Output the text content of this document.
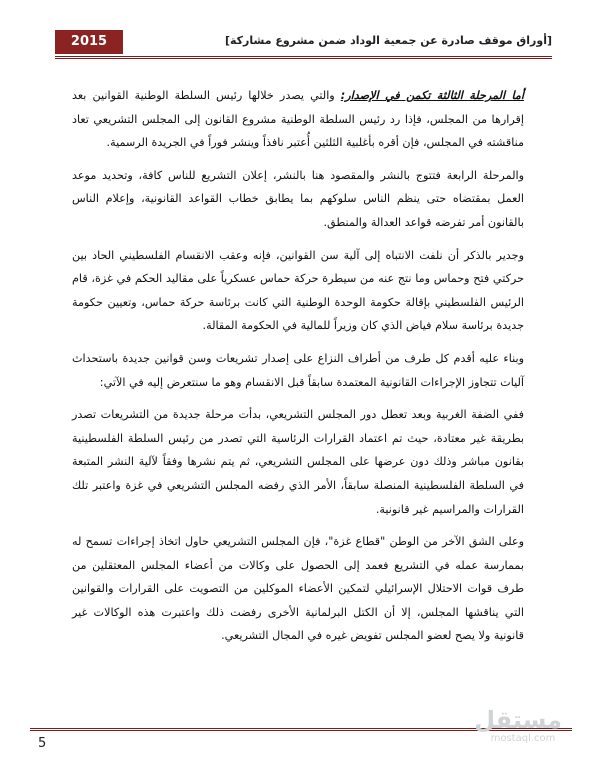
2015	[أوراق موقف صادرة عن جمعية الوداد ضمن مشروع مشاركة]

أما المرحلة الثالثة تكمن في الإصدار: والتي يصدر خلالها رئيس السلطة الوطنية القوانين بعد إقرارها من المجلس، فإذا رد رئيس السلطة الوطنية مشروع القانون إلى المجلس التشريعي تعاد مناقشته في المجلس، فإن أقره بأغلبية الثلثين أُعتبر نافذاً وينشر فوراً في الجريدة الرسمية.

والمرحلة الرابعة فتتوج بالنشر والمقصود هنا بالنشر، إعلان التشريع للناس كافة، وتحديد موعد العمل بمقتضاه حتى ينظم الناس سلوكهم بما يطابق خطاب القواعد القانونية، وإعلام الناس بالقانون أمر تفرضه قواعد العدالة والمنطق.

وجدير بالذكر أن نلفت الانتباه إلى آلية سن القوانين، فإنه وعقب الانقسام الفلسطيني الحاد بين حركتي فتح وحماس وما نتج عنه من سيطرة حركة حماس عسكرياً على مقاليد الحكم في غزة، قام الرئيس الفلسطيني بإقالة حكومة الوحدة الوطنية التي كانت برئاسة حركة حماس، وتعيين حكومة جديدة برئاسة سلام فياض الذي كان وزيراً للمالية في الحكومة المقالة.

وبناء عليه أقدم كل طرف من أطراف النزاع على إصدار تشريعات وسن قوانين جديدة باستحداث آليات تتجاوز الإجراءات القانونية المعتمدة سابقاً قبل الانقسام وهو ما سنتعرض إليه في الآتي:

ففي الضفة الغربية وبعد تعطل دور المجلس التشريعي، بدأت مرحلة جديدة من التشريعات تصدر بطريقة غير معتادة، حيث تم اعتماد القرارات الرئاسية التي تصدر من رئيس السلطة الفلسطينية بقانون مباشر وذلك دون عرضها على المجلس التشريعي، ثم يتم نشرها وفقاً لآلية النشر المتبعة في السلطة الفلسطينية المنصلة سابقاً، الأمر الذي رفضه المجلس التشريعي في غزة واعتبر تلك القرارات والمراسيم غير قانونية.

وعلى الشق الآخر من الوطن "قطاع غزة"، فإن المجلس التشريعي حاول اتخاذ إجراءات تسمح له بممارسة عمله في التشريع فعمد إلى الحصول على وكالات من أعضاء المجلس المعتقلين من طرف قوات الاحتلال الإسرائيلي لتمكين الأعضاء الموكلين من التصويت على القرارات والقوانين التي يناقشها المجلس، إلا أن الكتل البرلمانية الأخرى رفضت ذلك واعتبرت هذه الوكالات غير قانونية ولا يصح لعضو المجلس تفويض غيره في المجال التشريعي.

5
مستقل
mostaql.com
